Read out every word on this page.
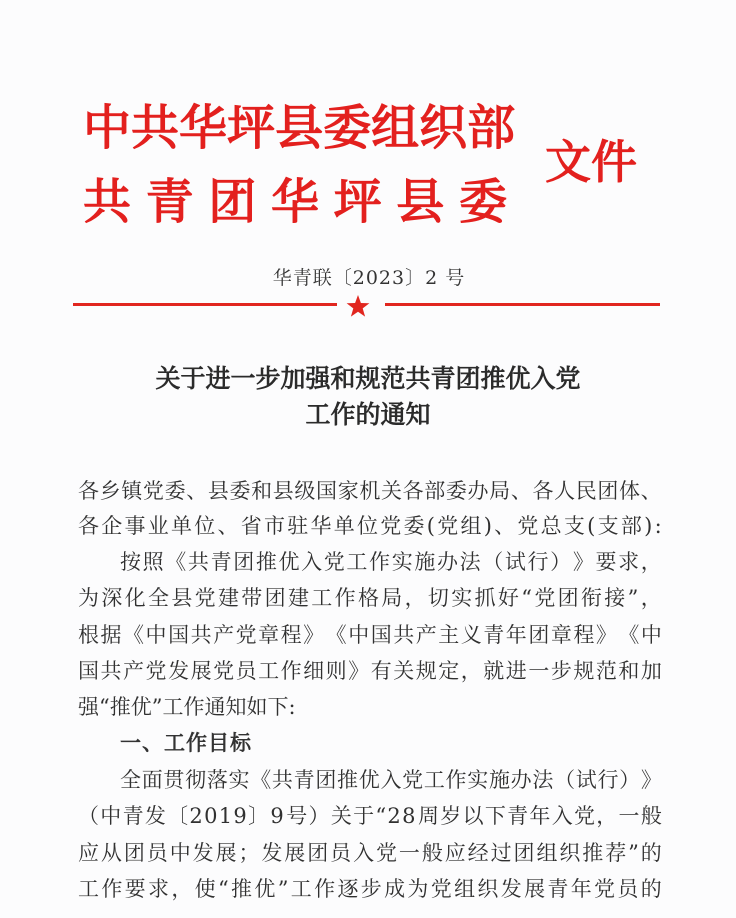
中 共 华 坪 县 委 组 织 部
共 青 团 华 坪 县 委
文件
华青联〔2023〕2 号
关于进一步加强和规范共青团推优入党
工作的通知
各 乡 镇 党 委 、 县 委 和 县 级 国 家 机 关 各 部 委 办 局 、 各 人 民 团 体 、
各 企 事 业 单 位 、 省 市 驻 华 单 位 党 委 ( 党 组 ) 、 党 总 支 ( 支 部 ) :
按 照 《 共 青 团 推 优 入 党 工 作 实 施 办 法 （ 试 行 ） 》 要 求 ，
为 深 化 全 县 党 建 带 团 建 工 作 格 局 ， 切 实 抓 好 “ 党 团 衔 接 ” ，
根 据 《 中 国 共 产 党 章 程 》 《 中 国 共 产 主 义 青 年 团 章 程 》 《 中
国 共 产 党 发 展 党 员 工 作 细 则 》 有 关 规 定 ， 就 进 一 步 规 范 和 加
强“推优”工作通知如下:
一、工作目标
全 面 贯 彻 落 实 《 共 青 团 推 优 入 党 工 作 实 施 办 法 （ 试 行 ） 》
（ 中 青 发 〔 2 0 1 9 〕 9 号 ） 关 于 “ 2 8 周 岁 以 下 青 年 入 党 ， 一 般
应 从 团 员 中 发 展 ； 发 展 团 员 入 党 一 般 应 经 过 团 组 织 推 荐 ” 的
工 作 要 求 ， 使 “ 推 优 ” 工 作 逐 步 成 为 党 组 织 发 展 青 年 党 员 的
